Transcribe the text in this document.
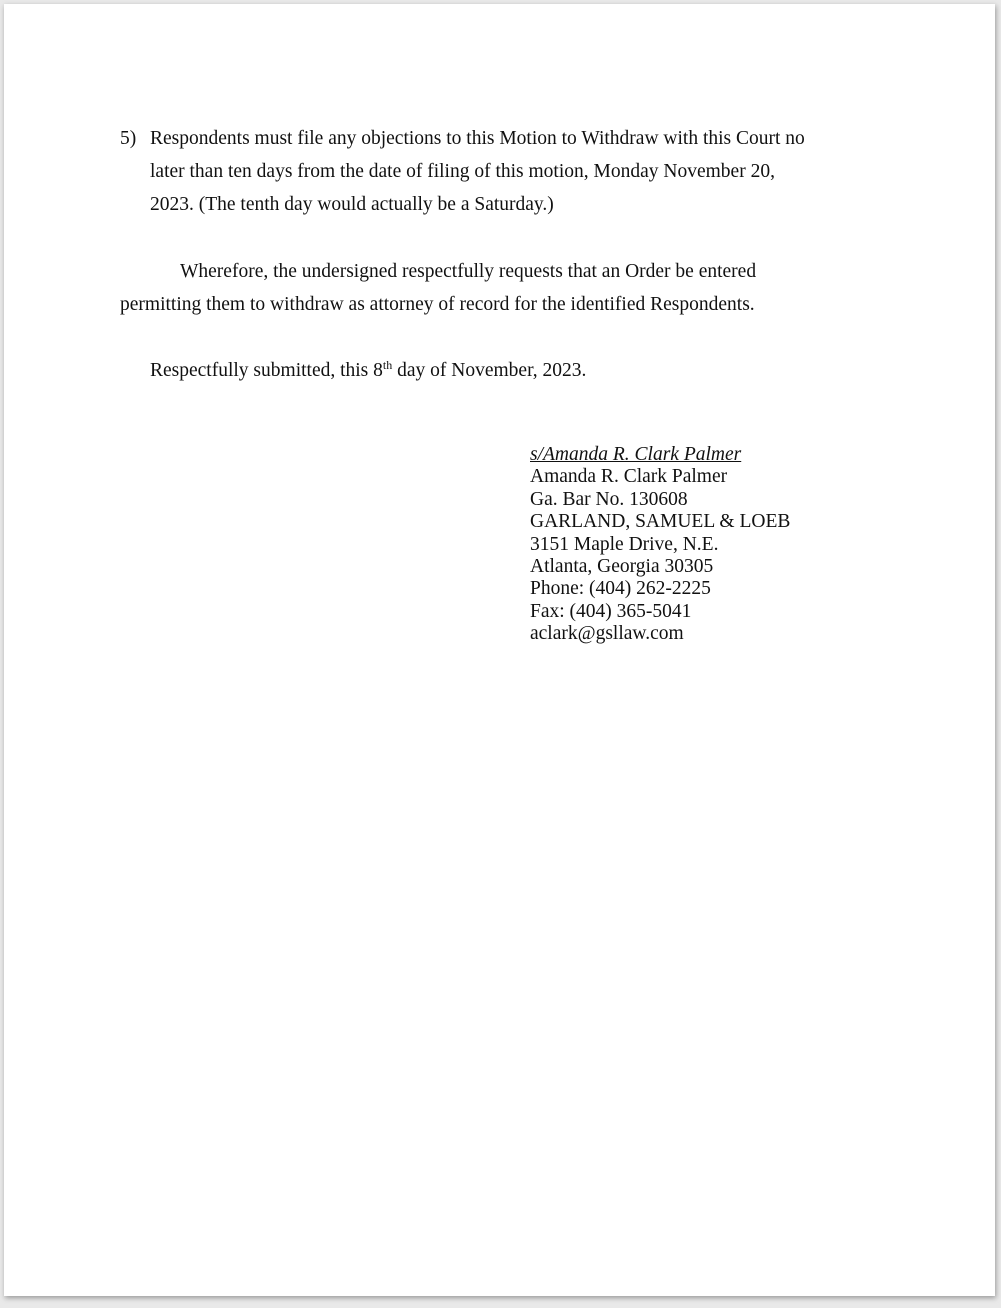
5) Respondents must file any objections to this Motion to Withdraw with this Court no
later than ten days from the date of filing of this motion, Monday November 20,
2023. (The tenth day would actually be a Saturday.)

Wherefore, the undersigned respectfully requests that an Order be entered
permitting them to withdraw as attorney of record for the identified Respondents.

Respectfully submitted, this 8th day of November, 2023.

s/Amanda R. Clark Palmer
Amanda R. Clark Palmer
Ga. Bar No. 130608
GARLAND, SAMUEL & LOEB
3151 Maple Drive, N.E.
Atlanta, Georgia 30305
Phone: (404) 262-2225
Fax: (404) 365-5041
aclark@gsllaw.com
